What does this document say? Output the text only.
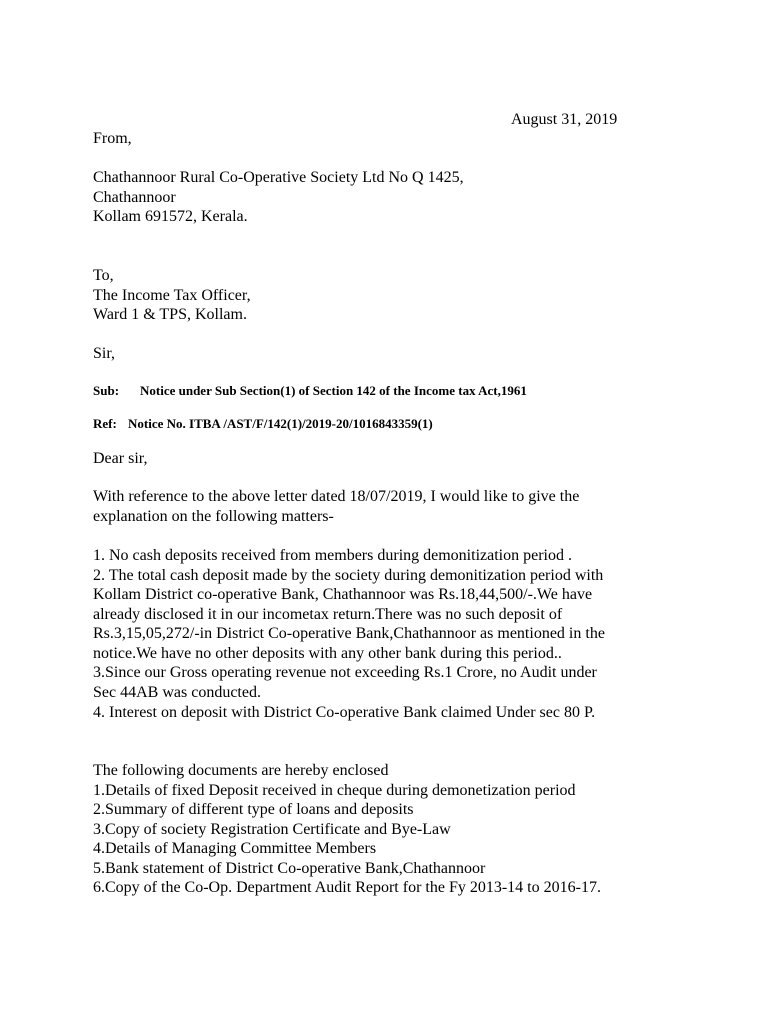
August 31, 2019
From,
Chathannoor Rural Co-Operative Society Ltd No Q 1425,
Chathannoor
Kollam 691572, Kerala.
To,
The Income Tax Officer,
Ward 1 & TPS, Kollam.
Sir,
Sub: Notice under Sub Section(1) of Section 142 of the Income tax Act,1961
Ref: Notice No. ITBA /AST/F/142(1)/2019-20/1016843359(1)
Dear sir,
With reference to the above letter dated 18/07/2019, I would like to give the
explanation on the following matters-
1. No cash deposits received from members during demonitization period .
2. The total cash deposit made by the society during demonitization period with
Kollam District co-operative Bank, Chathannoor was Rs.18,44,500/-.We have
already disclosed it in our incometax return.There was no such deposit of
Rs.3,15,05,272/-in District Co-operative Bank,Chathannoor as mentioned in the
notice.We have no other deposits with any other bank during this period..
3.Since our Gross operating revenue not exceeding Rs.1 Crore, no Audit under
Sec 44AB was conducted.
4. Interest on deposit with District Co-operative Bank claimed Under sec 80 P.
The following documents are hereby enclosed
1.Details of fixed Deposit received in cheque during demonetization period
2.Summary of different type of loans and deposits
3.Copy of society Registration Certificate and Bye-Law
4.Details of Managing Committee Members
5.Bank statement of District Co-operative Bank,Chathannoor
6.Copy of the Co-Op. Department Audit Report for the Fy 2013-14 to 2016-17.
